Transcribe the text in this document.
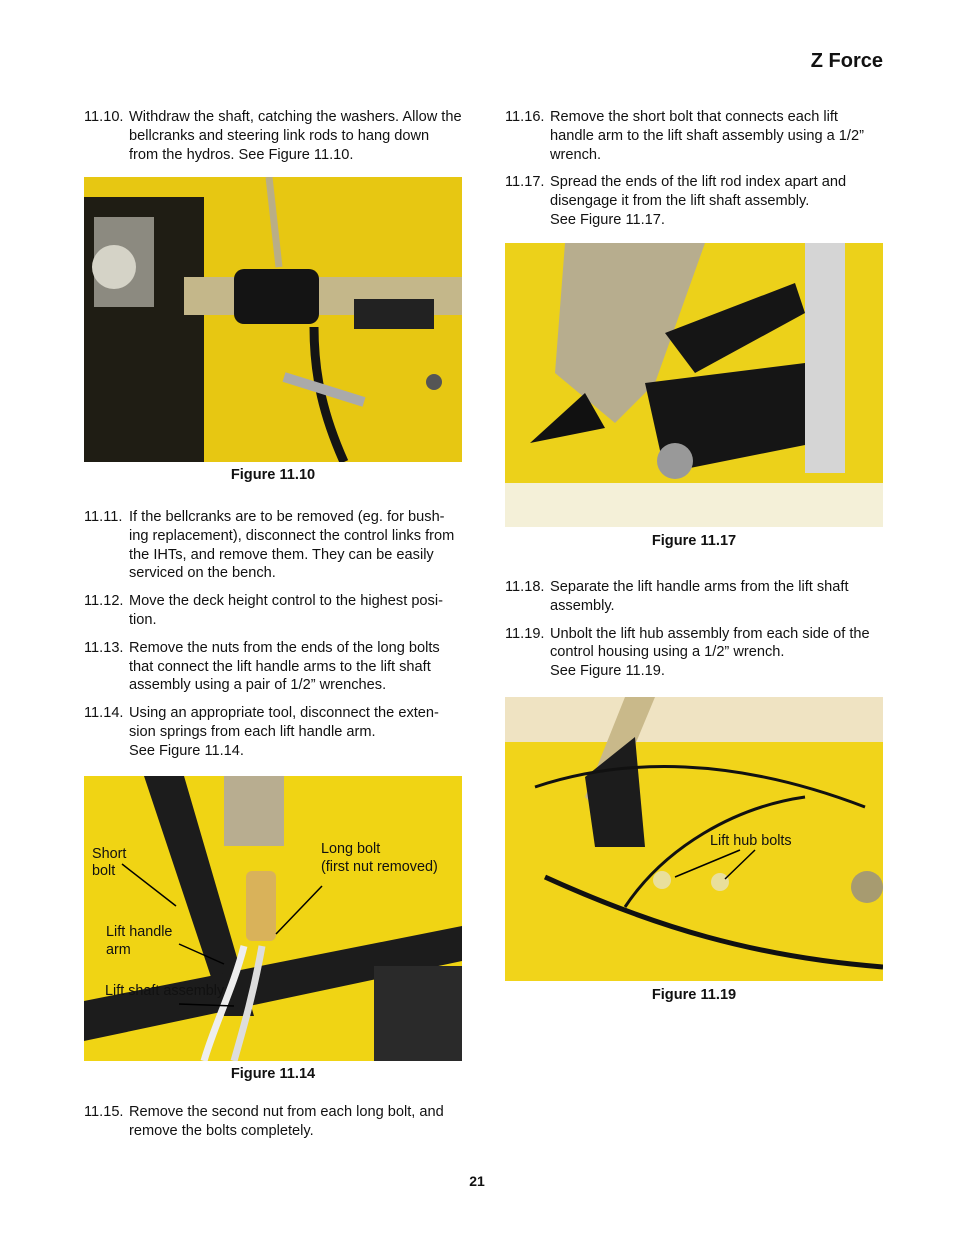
Z Force

11.10. Withdraw the shaft, catching the washers. Allow the bellcranks and steering link rods to hang down from the hydros. See Figure 11.10.

Figure 11.10

11.11. If the bellcranks are to be removed (eg. for bush-ing replacement), disconnect the control links from the IHTs, and remove them. They can be easily serviced on the bench.

11.12. Move the deck height control to the highest posi-tion.

11.13. Remove the nuts from the ends of the long bolts that connect the lift handle arms to the lift shaft assembly using a pair of 1/2” wrenches.

11.14. Using an appropriate tool, disconnect the exten-sion springs from each lift handle arm.

See Figure 11.14.

Short
bolt
Long bolt
(first nut removed)
Lift handle
arm
Lift shaft assembly
Figure 11.14

11.15. Remove the second nut from each long bolt, and remove the bolts completely.

11.16. Remove the short bolt that connects each lift handle arm to the lift shaft assembly using a 1/2” wrench.

11.17. Spread the ends of the lift rod index apart and disengage it from the lift shaft assembly.

See Figure 11.17.

Figure 11.17

11.18. Separate the lift handle arms from the lift shaft assembly.

11.19. Unbolt the lift hub assembly from each side of the control housing using a 1/2” wrench.

See Figure 11.19.

Lift hub bolts
Figure 11.19
21
